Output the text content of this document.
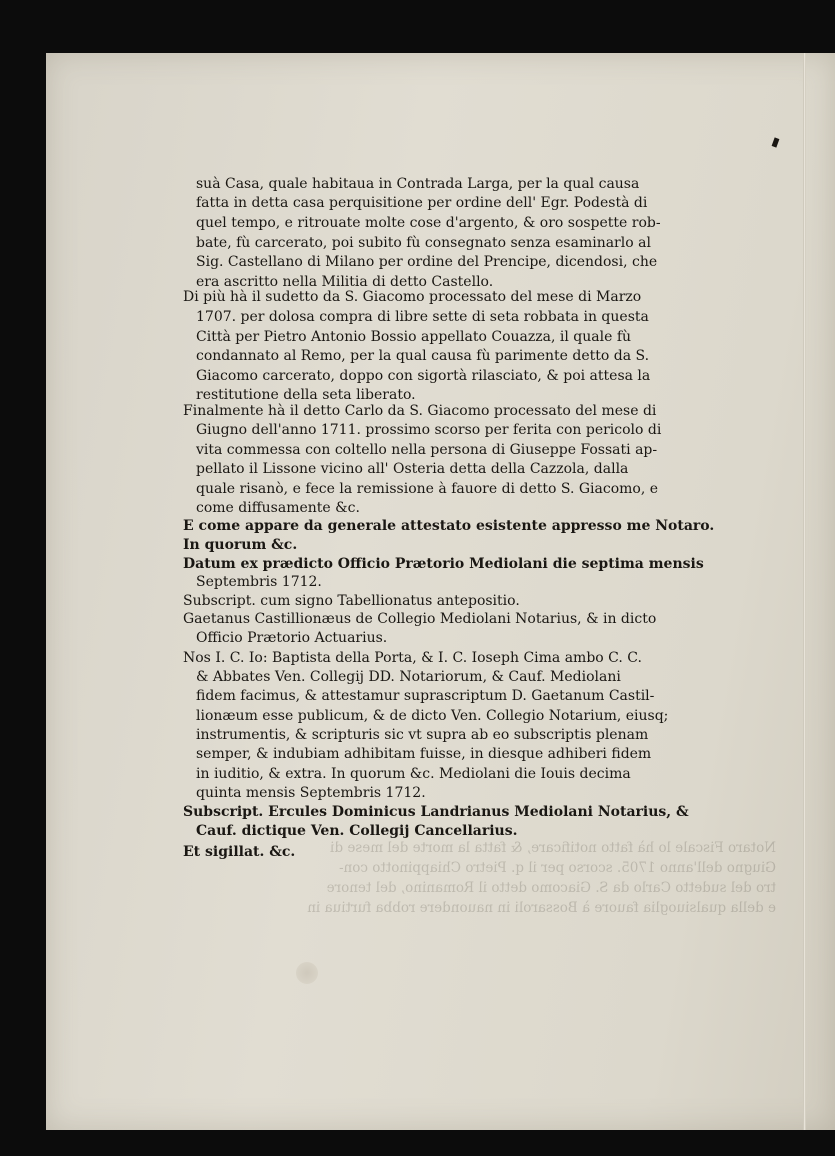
Notaro Fiscale lo hà fatto notificare, & fatta la morte del mese di
Giugno dell'anno 1705. scorso per il q. Pietro Chiappinotto con-
tro del sudetto Carlo da S. Giacomo detto il Romanino, del tenore
e della qualsiuoglia fauore à Bossaroli in nauondere robba furtiua in
suà Casa, quale habitaua in Contrada Larga, per la qual causa
fatta in detta casa perquisitione per ordine dell' Egr. Podestà di
quel tempo, e ritrouate molte cose d'argento, & oro sospette rob-
bate, fù carcerato, poi subito fù consegnato senza esaminarlo al
Sig. Castellano di Milano per ordine del Prencipe, dicendosi, che
era ascritto nella Militia di detto Castello.
Di più hà il sudetto da S. Giacomo processato del mese di Marzo
1707. per dolosa compra di libre sette di seta robbata in questa
Città per Pietro Antonio Bossio appellato Couazza, il quale fù
condannato al Remo, per la qual causa fù parimente detto da S.
Giacomo carcerato, doppo con sigortà rilasciato, & poi attesa la
restitutione della seta liberato.
Finalmente hà il detto Carlo da S. Giacomo processato del mese di
Giugno dell'anno 1711. prossimo scorso per ferita con pericolo di
vita commessa con coltello nella persona di Giuseppe Fossati ap-
pellato il Lissone vicino all' Osteria detta della Cazzola, dalla
quale risanò, e fece la remissione à fauore di detto S. Giacomo, e
come diffusamente &c.
E come appare da generale attestato esistente appresso me Notaro.
In quorum &c.
Datum ex prædicto Officio Prætorio Mediolani die septima mensis
Septembris 1712.
Subscript. cum signo Tabellionatus antepositio.
Gaetanus Castillionæus de Collegio Mediolani Notarius, & in dicto
Officio Prætorio Actuarius.
Nos I. C. Io: Baptista della Porta, & I. C. Ioseph Cima ambo C. C.
& Abbates Ven. Collegij DD. Notariorum, & Cauf. Mediolani
fidem facimus, & attestamur suprascriptum D. Gaetanum Castil-
lionæum esse publicum, & de dicto Ven. Collegio Notarium, eiusq;
instrumentis, & scripturis sic vt supra ab eo subscriptis plenam
semper, & indubiam adhibitam fuisse, in diesque adhiberi fidem
in iuditio, & extra. In quorum &c. Mediolani die Iouis decima
quinta mensis Septembris 1712.
Subscript. Ercules Dominicus Landrianus Mediolani Notarius, &
Cauf. dictique Ven. Collegij Cancellarius.
Et sigillat. &c.
